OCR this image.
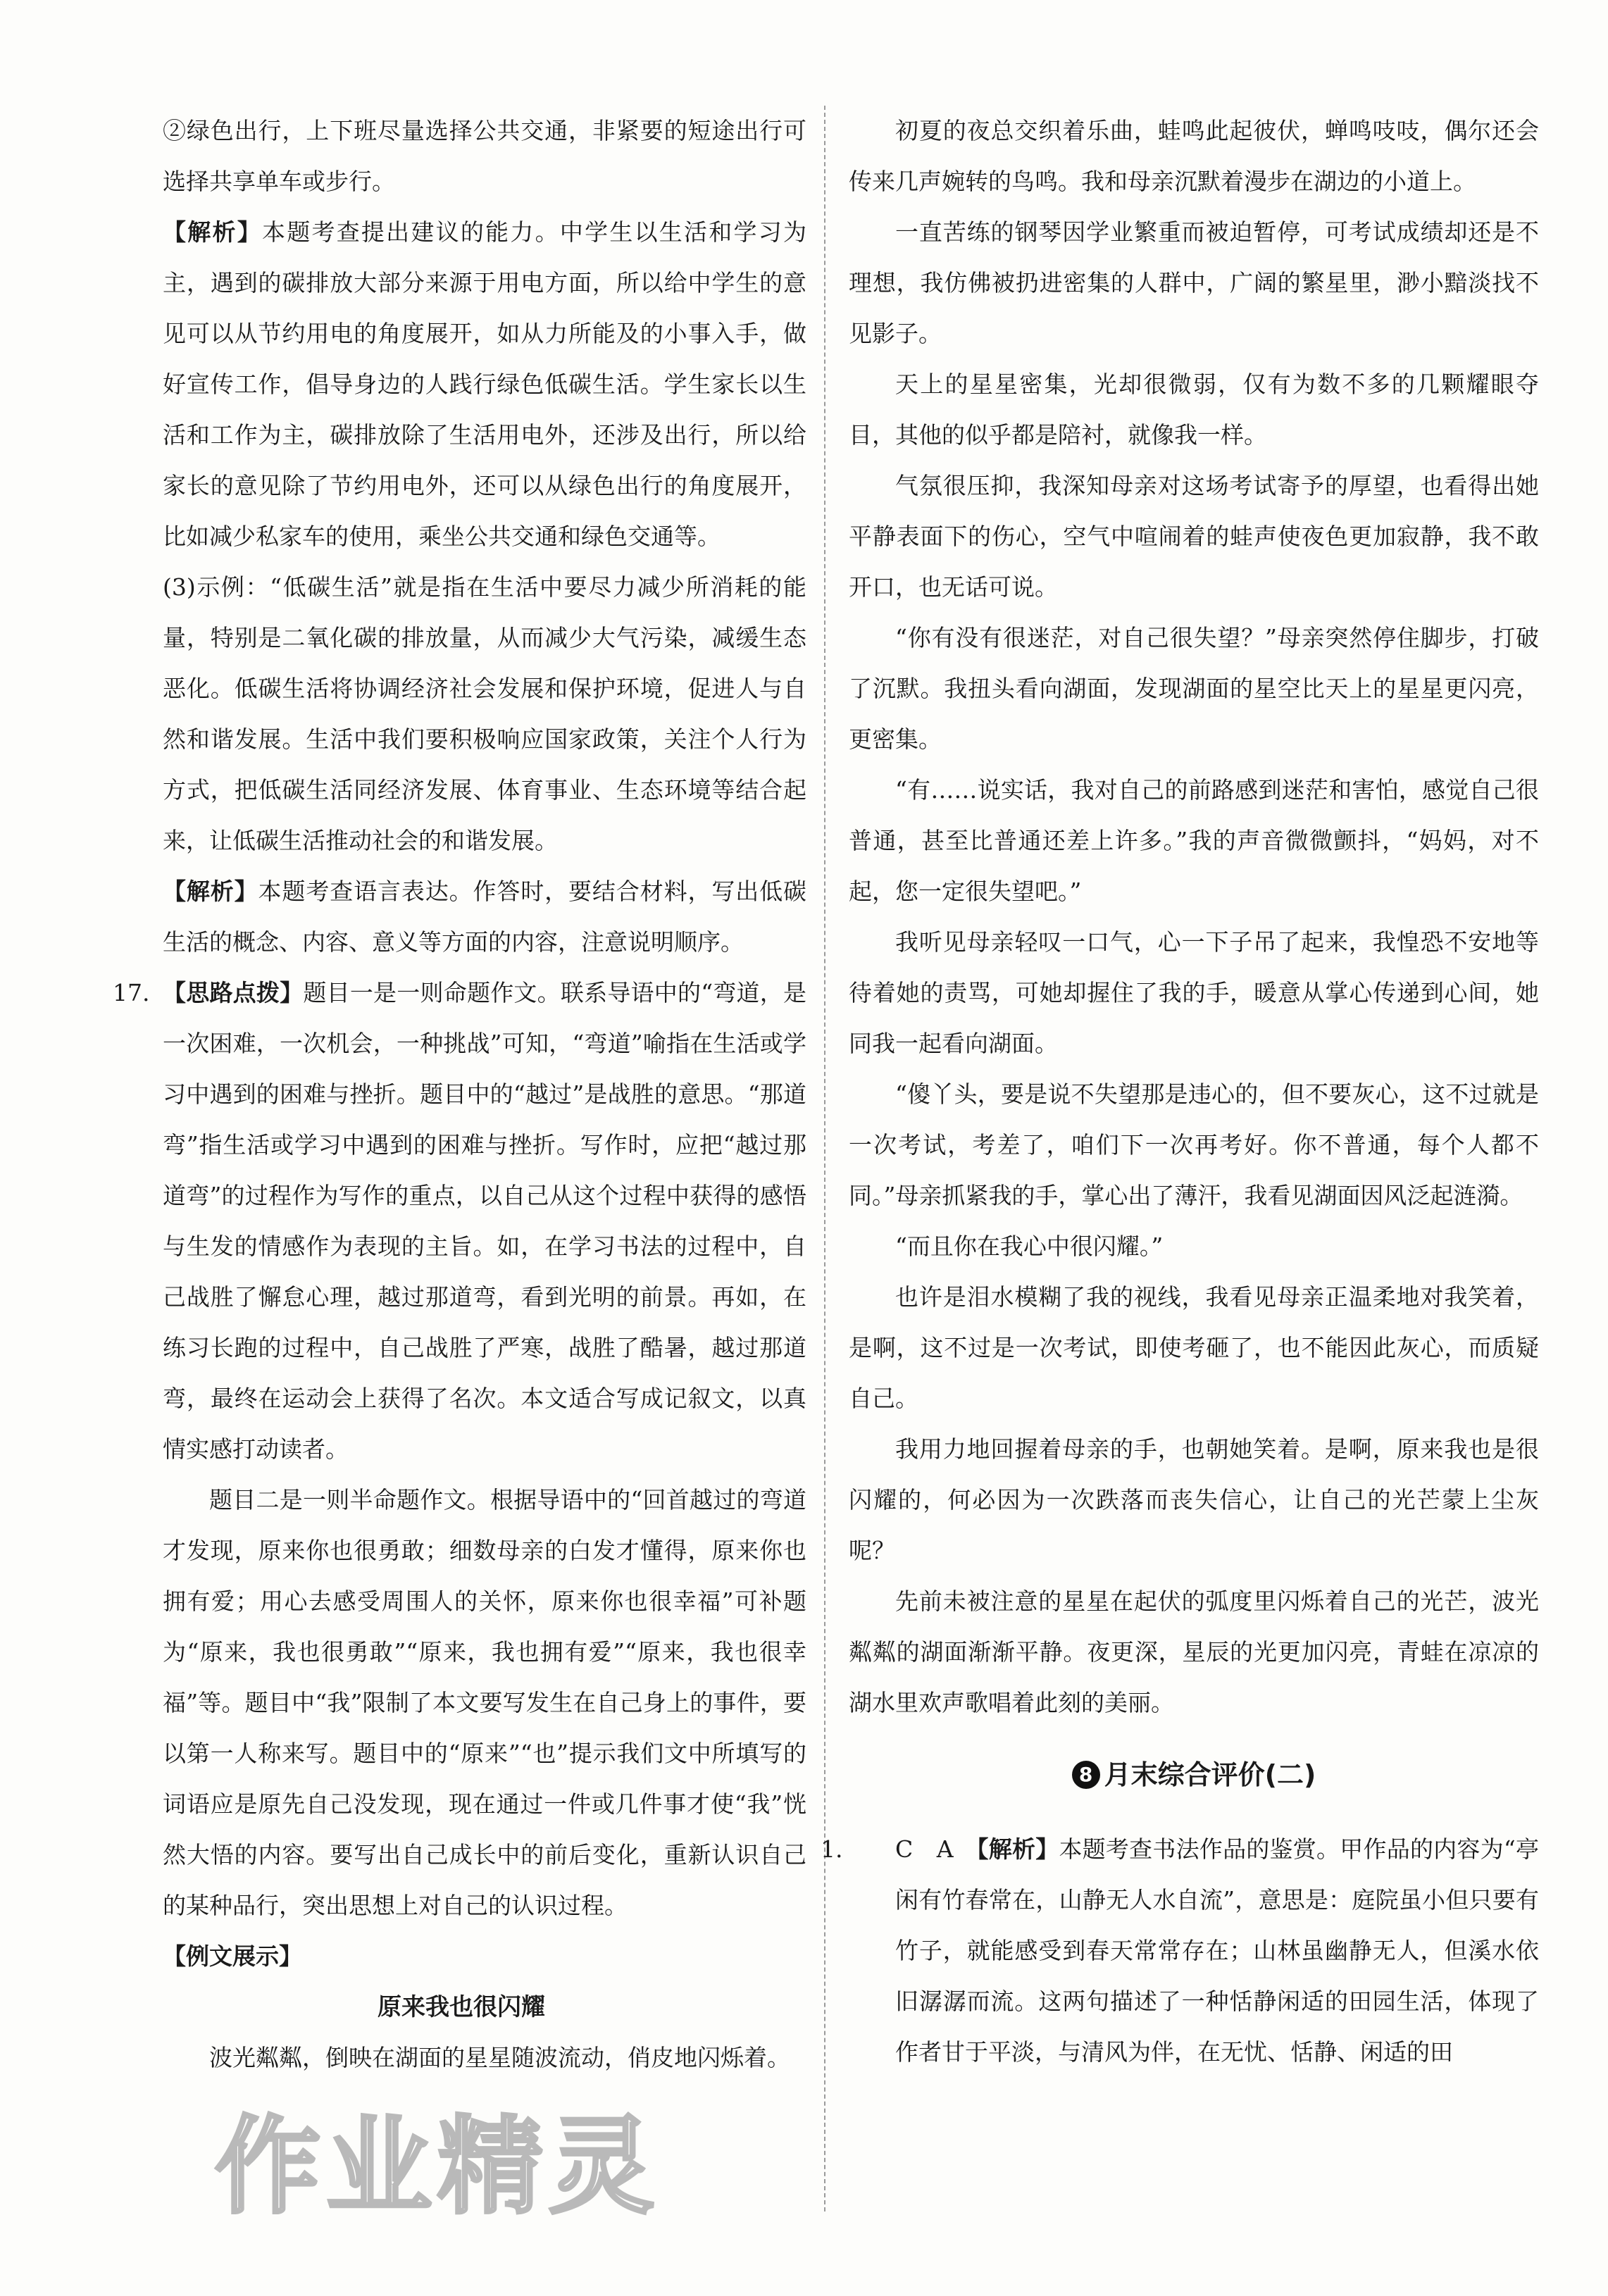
②绿色出行，上下班尽量选择公共交通，非紧要的短途出行可选择共享单车或步行。

【解析】本题考查提出建议的能力。中学生以生活和学习为主，遇到的碳排放大部分来源于用电方面，所以给中学生的意见可以从节约用电的角度展开，如从力所能及的小事入手，做好宣传工作，倡导身边的人践行绿色低碳生活。学生家长以生活和工作为主，碳排放除了生活用电外，还涉及出行，所以给家长的意见除了节约用电外，还可以从绿色出行的角度展开，比如减少私家车的使用，乘坐公共交通和绿色交通等。

(3)示例：“低碳生活”就是指在生活中要尽力减少所消耗的能量，特别是二氧化碳的排放量，从而减少大气污染，减缓生态恶化。低碳生活将协调经济社会发展和保护环境，促进人与自然和谐发展。生活中我们要积极响应国家政策，关注个人行为方式，把低碳生活同经济发展、体育事业、生态环境等结合起来，让低碳生活推动社会的和谐发展。

【解析】本题考查语言表达。作答时，要结合材料，写出低碳生活的概念、内容、意义等方面的内容，注意说明顺序。

17. 【思路点拨】题目一是一则命题作文。联系导语中的“弯道，是一次困难，一次机会，一种挑战”可知，“弯道”喻指在生活或学习中遇到的困难与挫折。题目中的“越过”是战胜的意思。“那道弯”指生活或学习中遇到的困难与挫折。写作时，应把“越过那道弯”的过程作为写作的重点，以自己从这个过程中获得的感悟与生发的情感作为表现的主旨。如，在学习书法的过程中，自己战胜了懈怠心理，越过那道弯，看到光明的前景。再如，在练习长跑的过程中，自己战胜了严寒，战胜了酷暑，越过那道弯，最终在运动会上获得了名次。本文适合写成记叙文，以真情实感打动读者。

题目二是一则半命题作文。根据导语中的“回首越过的弯道才发现，原来你也很勇敢；细数母亲的白发才懂得，原来你也拥有爱；用心去感受周围人的关怀，原来你也很幸福”可补题为“原来，我也很勇敢”“原来，我也拥有爱”“原来，我也很幸福”等。题目中“我”限制了本文要写发生在自己身上的事件，要以第一人称来写。题目中的“原来”“也”提示我们文中所填写的词语应是原先自己没发现，现在通过一件或几件事才使“我”恍然大悟的内容。要写出自己成长中的前后变化，重新认识自己的某种品行，突出思想上对自己的认识过程。

【例文展示】

原来我也很闪耀

波光粼粼，倒映在湖面的星星随波流动，俏皮地闪烁着。

初夏的夜总交织着乐曲，蛙鸣此起彼伏，蝉鸣吱吱，偶尔还会传来几声婉转的鸟鸣。我和母亲沉默着漫步在湖边的小道上。

一直苦练的钢琴因学业繁重而被迫暂停，可考试成绩却还是不理想，我仿佛被扔进密集的人群中，广阔的繁星里，渺小黯淡找不见影子。

天上的星星密集，光却很微弱，仅有为数不多的几颗耀眼夺目，其他的似乎都是陪衬，就像我一样。

气氛很压抑，我深知母亲对这场考试寄予的厚望，也看得出她平静表面下的伤心，空气中喧闹着的蛙声使夜色更加寂静，我不敢开口，也无话可说。

“你有没有很迷茫，对自己很失望？”母亲突然停住脚步，打破了沉默。我扭头看向湖面，发现湖面的星空比天上的星星更闪亮，更密集。

“有……说实话，我对自己的前路感到迷茫和害怕，感觉自己很普通，甚至比普通还差上许多。”我的声音微微颤抖，“妈妈，对不起，您一定很失望吧。”

我听见母亲轻叹一口气，心一下子吊了起来，我惶恐不安地等待着她的责骂，可她却握住了我的手，暖意从掌心传递到心间，她同我一起看向湖面。

“傻丫头，要是说不失望那是违心的，但不要灰心，这不过就是一次考试，考差了，咱们下一次再考好。你不普通，每个人都不同。”母亲抓紧我的手，掌心出了薄汗，我看见湖面因风泛起涟漪。

“而且你在我心中很闪耀。”

也许是泪水模糊了我的视线，我看见母亲正温柔地对我笑着，是啊，这不过是一次考试，即使考砸了，也不能因此灰心，而质疑自己。

我用力地回握着母亲的手，也朝她笑着。是啊，原来我也是很闪耀的，何必因为一次跌落而丧失信心，让自己的光芒蒙上尘灰呢？

先前未被注意的星星在起伏的弧度里闪烁着自己的光芒，波光粼粼的湖面渐渐平静。夜更深，星辰的光更加闪亮，青蛙在凉凉的湖水里欢声歌唱着此刻的美丽。

8 月末综合评价(二)

1. C　A　【解析】本题考查书法作品的鉴赏。甲作品的内容为“亭闲有竹春常在，山静无人水自流”，意思是：庭院虽小但只要有竹子，就能感受到春天常常存在；山林虽幽静无人，但溪水依旧潺潺而流。这两句描述了一种恬静闲适的田园生活，体现了作者甘于平淡，与清风为伴，在无忧、恬静、闲适的田

作业精灵
